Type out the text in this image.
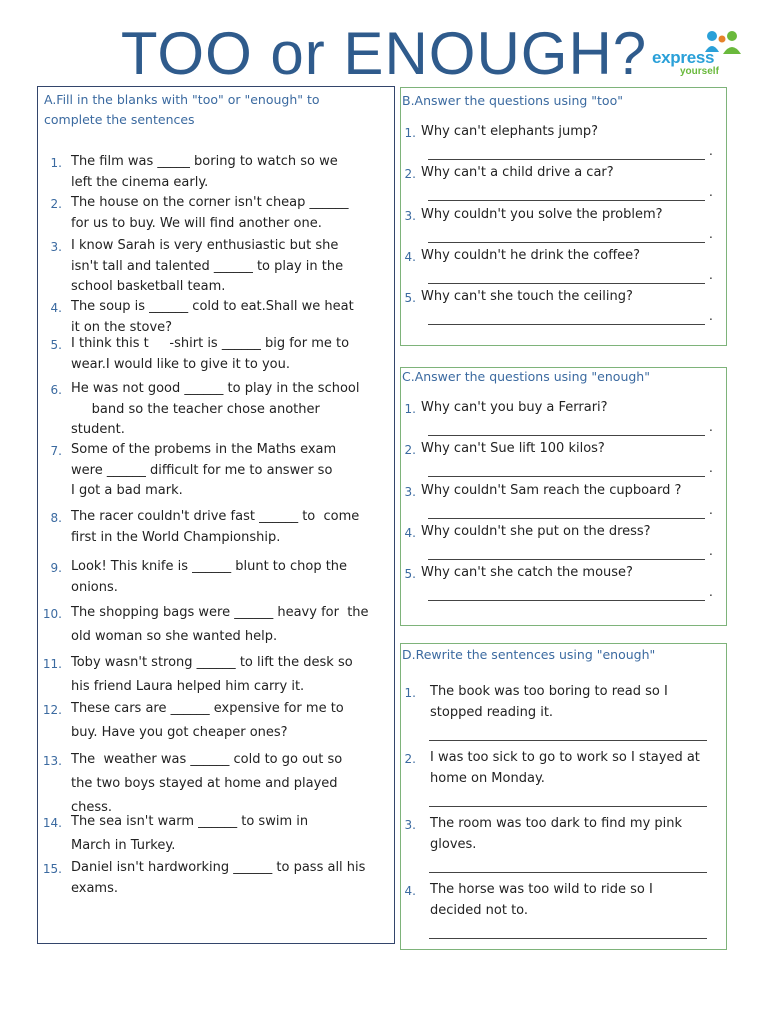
TOO or ENOUGH? express
yourself
A.Fill in the blanks with "too" or "enough" to
complete the sentences
1. The film was _____ boring to watch so we
left the cinema early.
2. The house on the corner isn't cheap ______
for us to buy. We will find another one.
3. I know Sarah is very enthusiastic but she
isn't tall and talented ______ to play in the
school basketball team.
4. The soup is ______ cold to eat.Shall we heat
it on the stove?
5. I think this t     -shirt is ______ big for me to
wear.I would like to give it to you.
6. He was not good ______ to play in the school
band so the teacher chose another
student.
7. Some of the probems in the Maths exam
were ______ difficult for me to answer so
I got a bad mark.
8. The racer couldn't drive fast ______ to  come
first in the World Championship.
9. Look! This knife is ______ blunt to chop the
onions.
10. The shopping bags were ______ heavy for  the
old woman so she wanted help.
11. Toby wasn't strong ______ to lift the desk so
his friend Laura helped him carry it.
12. These cars are ______ expensive for me to
buy. Have you got cheaper ones?
13. The  weather was ______ cold to go out so
the two boys stayed at home and played
chess.
14. The sea isn't warm ______ to swim in
March in Turkey.
15. Daniel isn't hardworking ______ to pass all his
exams.
B.Answer the questions using "too"
1. Why can't elephants jump?
.
2. Why can't a child drive a car?
.
3. Why couldn't you solve the problem?
.
4. Why couldn't he drink the coffee?
.
5. Why can't she touch the ceiling?
.
C.Answer the questions using "enough"
1. Why can't you buy a Ferrari?
.
2. Why can't Sue lift 100 kilos?
.
3. Why couldn't Sam reach the cupboard ?
.
4. Why couldn't she put on the dress?
.
5. Why can't she catch the mouse?
.
D.Rewrite the sentences using "enough"
1. The book was too boring to read so I
stopped reading it.
2. I was too sick to go to work so I stayed at
home on Monday.
3. The room was too dark to find my pink
gloves.
4. The horse was too wild to ride so I
decided not to.
